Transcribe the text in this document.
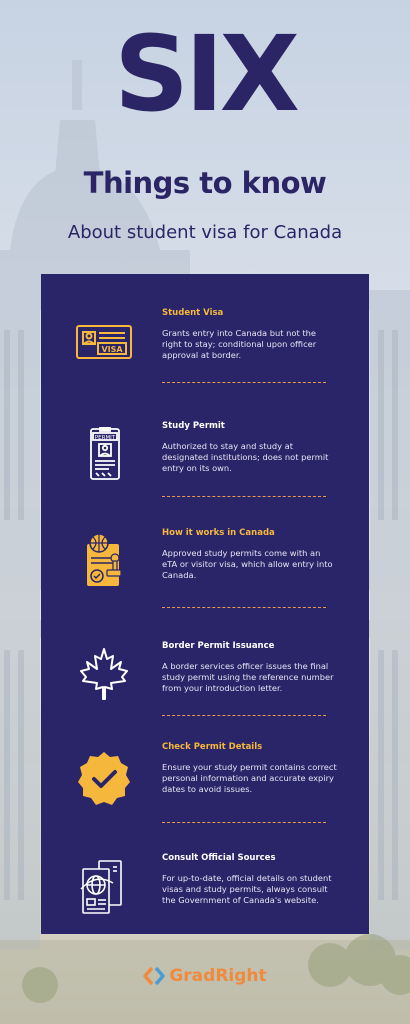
SIX
Things to know
About student visa for Canada
VISA
Student Visa
Grants entry into Canada but not the right to stay; conditional upon officer approval at border.
PERMIT
Study Permit
Authorized to stay and study at designated institutions; does not permit entry on its own.
How it works in Canada
Approved study permits come with an eTA or visitor visa, which allow entry into Canada.
Border Permit Issuance
A border services officer issues the final study permit using the reference number from your introduction letter.
Check Permit Details
Ensure your study permit contains correct personal information and accurate expiry dates to avoid issues.
Consult Official Sources
For up-to-date, official details on student visas and study permits, always consult the Government of Canada's website.
GradRight
